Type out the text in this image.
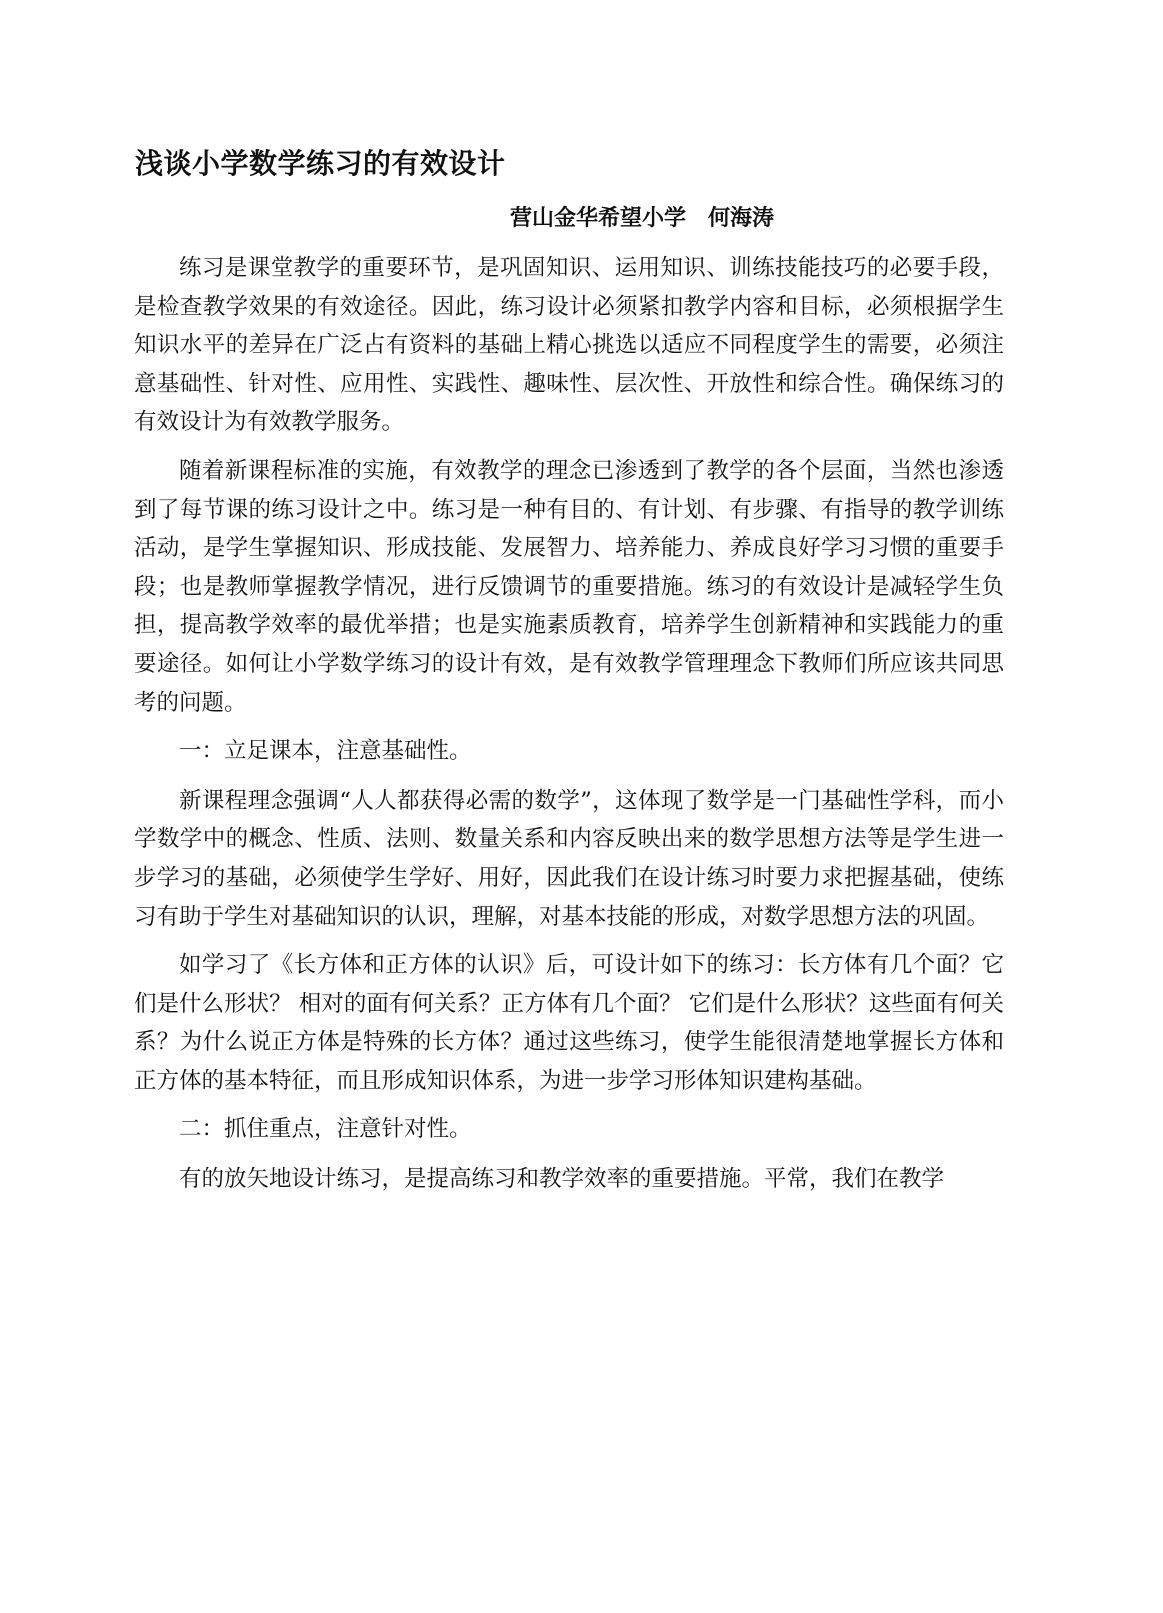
浅谈小学数学练习的有效设计

营山金华希望小学　何海涛

练习是课堂教学的重要环节，是巩固知识、运用知识、训练技能技巧的必要手段，是检查教学效果的有效途径。因此，练习设计必须紧扣教学内容和目标，必须根据学生知识水平的差异在广泛占有资料的基础上精心挑选以适应不同程度学生的需要，必须注意基础性、针对性、应用性、实践性、趣味性、层次性、开放性和综合性。确保练习的有效设计为有效教学服务。

随着新课程标准的实施，有效教学的理念已渗透到了教学的各个层面，当然也渗透到了每节课的练习设计之中。练习是一种有目的、有计划、有步骤、有指导的教学训练活动，是学生掌握知识、形成技能、发展智力、培养能力、养成良好学习习惯的重要手段；也是教师掌握教学情况，进行反馈调节的重要措施。练习的有效设计是减轻学生负担，提高教学效率的最优举措；也是实施素质教育，培养学生创新精神和实践能力的重要途径。如何让小学数学练习的设计有效，是有效教学管理理念下教师们所应该共同思考的问题。

一：立足课本，注意基础性。

新课程理念强调“人人都获得必需的数学”，这体现了数学是一门基础性学科，而小学数学中的概念、性质、法则、数量关系和内容反映出来的数学思想方法等是学生进一步学习的基础，必须使学生学好、用好，因此我们在设计练习时要力求把握基础，使练习有助于学生对基础知识的认识，理解，对基本技能的形成，对数学思想方法的巩固。

如学习了《长方体和正方体的认识》后，可设计如下的练习：长方体有几个面？它们是什么形状？ 相对的面有何关系？正方体有几个面？ 它们是什么形状？这些面有何关系？为什么说正方体是特殊的长方体？通过这些练习，使学生能很清楚地掌握长方体和正方体的基本特征，而且形成知识体系，为进一步学习形体知识建构基础。

二：抓住重点，注意针对性。

有的放矢地设计练习，是提高练习和教学效率的重要措施。平常，我们在教学
